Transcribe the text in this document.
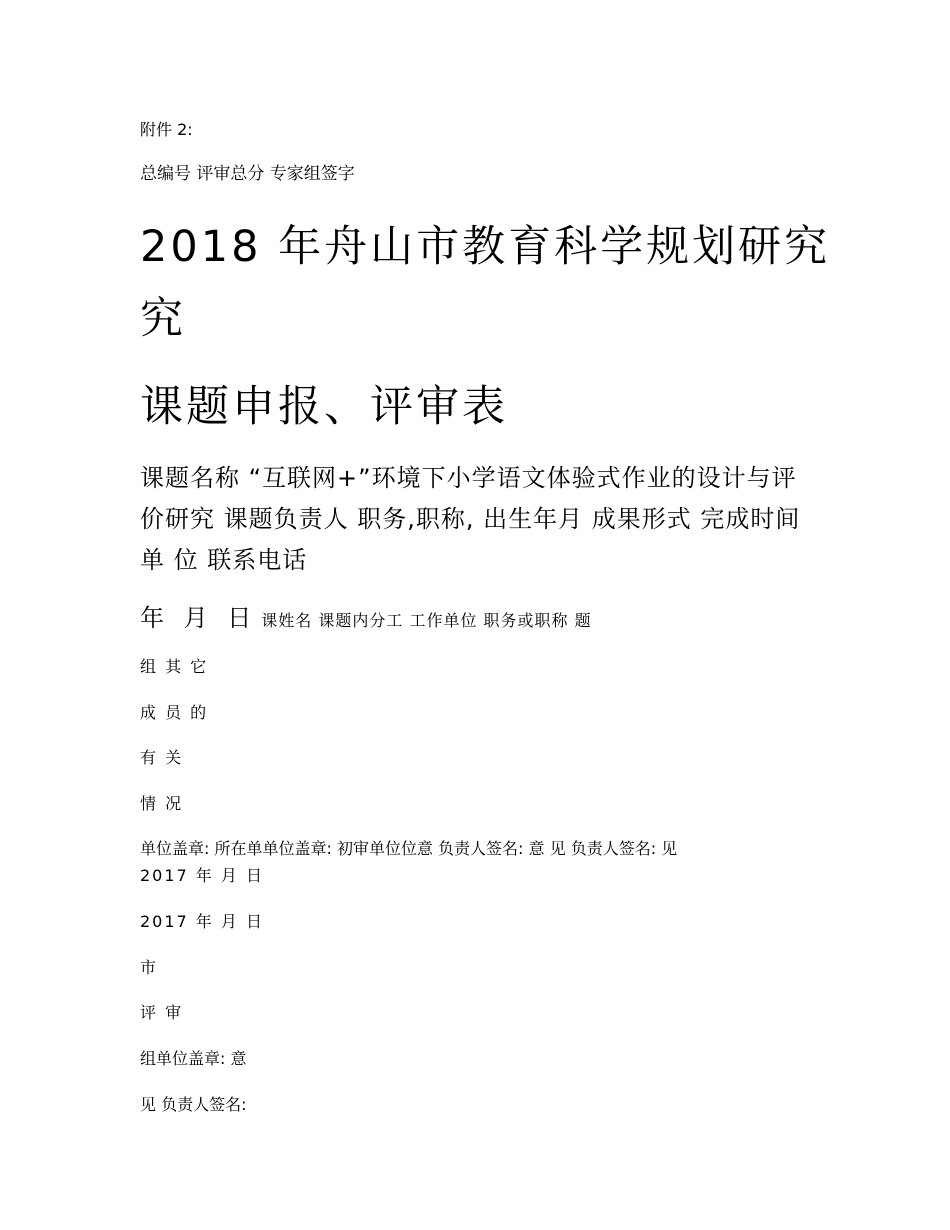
附件 2:
总编号 评审总分 专家组签字
2018 年舟山市教育科学规划研究
究
课题申报、评审表
课题名称 “互联网+”环境下小学语文体验式作业的设计与评价研究 课题负责人 职务,职称, 出生年月 成果形式 完成时间 单 位 联系电话
年 月 日 课姓名 课题内分工 工作单位 职务或职称 题
组 其 它
成 员 的
有 关
情 况
单位盖章: 所在单单位盖章: 初审单位位意 负责人签名: 意 见 负责人签名: 见
2017 年 月 日
2017 年 月 日
市
评 审
组单位盖章: 意
见 负责人签名:
